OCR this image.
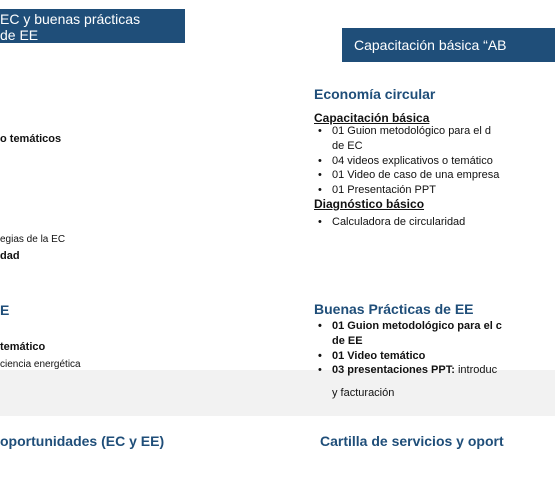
EC y buenas prácticas
de EE
o temáticos
egias de la EC
dad
E
temático
ciencia energética
oportunidades (EC y EE)
Capacitación básica “AB
Economía circular
Capacitación básica
• 01 Guion metodológico para el d
de EC
• 04 videos explicativos o temático
• 01 Video de caso de una empresa
• 01 Presentación PPT
Diagnóstico básico
• Calculadora de circularidad
Buenas Prácticas de EE
• 01 Guion metodológico para el c
de EE
• 01 Video temático
• 03 presentaciones PPT: introduc
y facturación
Cartilla de servicios y oport
